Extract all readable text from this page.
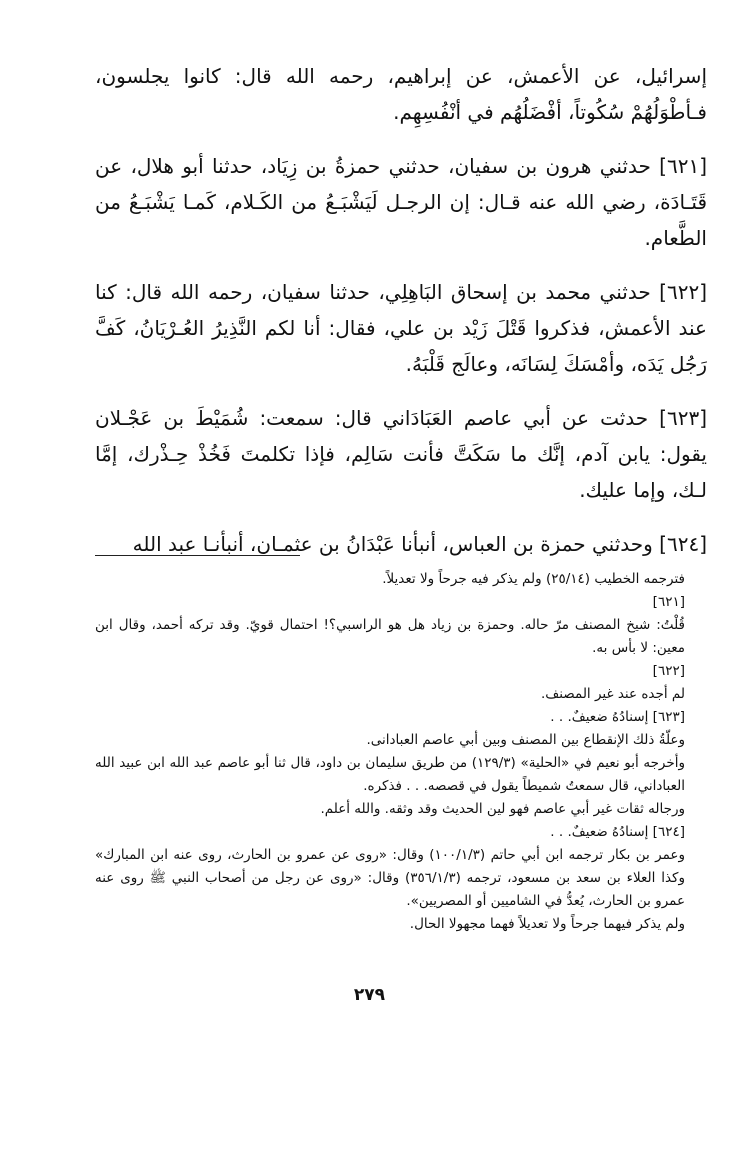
إسرائيل، عن الأعمش، عن إبراهيم، رحمه الله قال: كانوا يجلسون، فـأطْوَلُهُمْ سُكُوتاً، أفْضَلُهُم في أنْفُسِهِم.

[٦٢١] حدثني هرون بن سفيان، حدثني حمزةُ بن زِيَاد، حدثنا أبو هلال، عن قَتَـادَة، رضي الله عنه قـال: إن الرجـل لَيَشْبَـعُ من الكَـلام، كَمـا يَشْبَـعُ من الطَّعام.

[٦٢٢] حدثني محمد بن إسحاق البَاهِلِي، حدثنا سفيان، رحمه الله قال: كنا عند الأعمش، فذكروا قَتْلَ زَيْد بن علي، فقال: أنا لكم النَّذِيرُ العُـرْيَانُ، كَفَّ رَجُل يَدَه، وأمْسَكَ لِسَانَه، وعالَج قَلْبَهُ.

[٦٢٣] حدثت عن أبي عاصم العَبَادَاني قال: سمعت: شُمَيْطَ بن عَجْـلان يقول: يابن آدم، إنَّك ما سَكَتَّ فأنت سَالِم، فإذا تكلمتَ فَخُذْ حِـذْرك، إمَّا لـك، وإما عليك.

[٦٢٤] وحدثني حمزة بن العباس، أنبأنا عَبْدَانُ بن عثمـان، أنبأنـا عبد الله

فترجمه الخطيب (٢٥/١٤) ولم يذكر فيه جرحاً ولا تعديلاً.

[٦٢١]

قُلْتُ: شيخ المصنف مرّ حاله. وحمزة بن زياد هل هو الراسبي؟! احتمال قويّ. وقد تركه أحمد، وقال ابن معين: لا بأس به.

[٦٢٢]

لم أجده عند غير المصنف.

[٦٢٣] إسنادُهُ ضعيفٌ. . .

وعلّةُ ذلك الإنقطاع بين المصنف وبين أبي عاصم العبادانى.

وأخرجه أبو نعيم في «الحلية» (١٢٩/٣) من طريق سليمان بن داود، قال ثنا أبو عاصم عبد الله ابن عبيد الله العباداني، قال سمعتُ شميطاً يقول في قصصه. . . فذكره.

ورجاله ثقات غير أبي عاصم فهو لين الحديث وقد وثقه. والله أعلم.

[٦٢٤] إسنادُهُ ضعيفٌ. . .

وعمر بن بكار ترجمه ابن أبي حاتم (١٠٠/١/٣) وقال: «روى عن عمرو بن الحارث، روى عنه ابن المبارك» وكذا العلاء بن سعد بن مسعود، ترجمه (٣٥٦/١/٣) وقال: «روى عن رجل من أصحاب النبي ﷺ روى عنه عمرو بن الحارث، يُعدُّ في الشاميين أو المصريين».

ولم يذكر فيهما جرحاً ولا تعديلاً فهما مجهولا الحال.

٢٧٩
